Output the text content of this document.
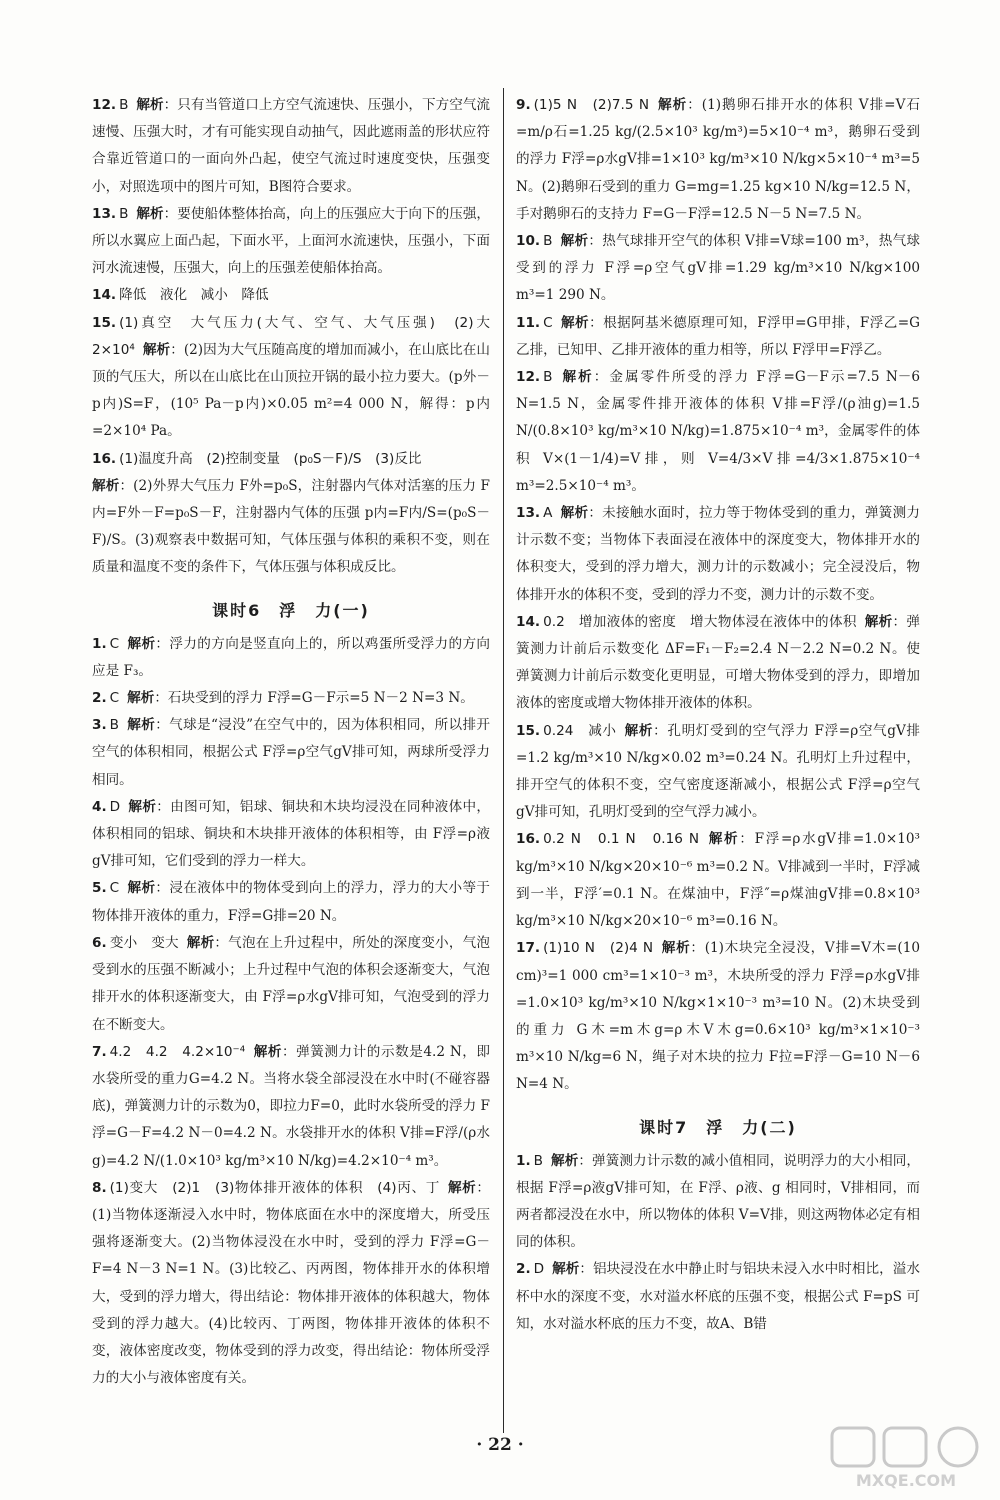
12. B 解析：只有当管道口上方空气流速快、压强小，下方空气流速慢、压强大时，才有可能实现自动抽气，因此遮雨盖的形状应符合靠近管道口的一面向外凸起，使空气流过时速度变快，压强变小，对照选项中的图片可知，B图符合要求。

13. B 解析：要使船体整体抬高，向上的压强应大于向下的压强，所以水翼应上面凸起，下面水平，上面河水流速快，压强小，下面河水流速慢，压强大，向上的压强差使船体抬高。

14. 降低　液化　减小　降低

15. (1)真空　大气压力(大气、空气、大气压强)　(2)大　2×10⁴ 解析：(2)因为大气压随高度的增加而减小，在山底比在山顶的气压大，所以在山底比在山顶拉开锅的最小拉力要大。(p外－p内)S=F，(10⁵ Pa－p内)×0.05 m²=4 000 N，解得：p内=2×10⁴ Pa。

16. (1)温度升高　(2)控制变量　(p₀S－F)/S　(3)反比

解析：(2)外界大气压力 F外=p₀S，注射器内气体对活塞的压力 F内=F外－F=p₀S－F，注射器内气体的压强 p内=F内/S=(p₀S－F)/S。(3)观察表中数据可知，气体压强与体积的乘积不变，则在质量和温度不变的条件下，气体压强与体积成反比。

课时6　浮　力(一)

1. C 解析：浮力的方向是竖直向上的，所以鸡蛋所受浮力的方向应是 F₃。

2. C 解析：石块受到的浮力 F浮=G－F示=5 N－2 N=3 N。

3. B 解析：气球是“浸没”在空气中的，因为体积相同，所以排开空气的体积相同，根据公式 F浮=ρ空气gV排可知，两球所受浮力相同。

4. D 解析：由图可知，铝球、铜块和木块均浸没在同种液体中，体积相同的铝球、铜块和木块排开液体的体积相等，由 F浮=ρ液gV排可知，它们受到的浮力一样大。

5. C 解析：浸在液体中的物体受到向上的浮力，浮力的大小等于物体排开液体的重力，F浮=G排=20 N。

6. 变小　变大 解析：气泡在上升过程中，所处的深度变小，气泡受到水的压强不断减小；上升过程中气泡的体积会逐渐变大，气泡排开水的体积逐渐变大，由 F浮=ρ水gV排可知，气泡受到的浮力在不断变大。

7. 4.2　4.2　4.2×10⁻⁴ 解析：弹簧测力计的示数是4.2 N，即水袋所受的重力G=4.2 N。当将水袋全部浸没在水中时(不碰容器底)，弹簧测力计的示数为0，即拉力F=0，此时水袋所受的浮力 F浮=G－F=4.2 N－0=4.2 N。水袋排开水的体积 V排=F浮/(ρ水g)=4.2 N/(1.0×10³ kg/m³×10 N/kg)=4.2×10⁻⁴ m³。

8. (1)变大　(2)1　(3)物体排开液体的体积　(4)丙、丁 解析：(1)当物体逐渐浸入水中时，物体底面在水中的深度增大，所受压强将逐渐变大。(2)当物体浸没在水中时，受到的浮力 F浮=G－F=4 N－3 N=1 N。(3)比较乙、丙两图，物体排开水的体积增大，受到的浮力增大，得出结论：物体排开液体的体积越大，物体受到的浮力越大。(4)比较丙、丁两图，物体排开液体的体积不变，液体密度改变，物体受到的浮力改变，得出结论：物体所受浮力的大小与液体密度有关。

9. (1)5 N　(2)7.5 N 解析：(1)鹅卵石排开水的体积 V排=V石=m/ρ石=1.25 kg/(2.5×10³ kg/m³)=5×10⁻⁴ m³，鹅卵石受到的浮力 F浮=ρ水gV排=1×10³ kg/m³×10 N/kg×5×10⁻⁴ m³=5 N。(2)鹅卵石受到的重力 G=mg=1.25 kg×10 N/kg=12.5 N，手对鹅卵石的支持力 F=G－F浮=12.5 N－5 N=7.5 N。

10. B 解析：热气球排开空气的体积 V排=V球=100 m³，热气球受到的浮力 F浮=ρ空气gV排=1.29 kg/m³×10 N/kg×100 m³=1 290 N。

11. C 解析：根据阿基米德原理可知，F浮甲=G甲排，F浮乙=G乙排，已知甲、乙排开液体的重力相等，所以 F浮甲=F浮乙。

12. B 解析：金属零件所受的浮力 F浮=G－F示=7.5 N－6 N=1.5 N，金属零件排开液体的体积 V排=F浮/(ρ油g)=1.5 N/(0.8×10³ kg/m³×10 N/kg)=1.875×10⁻⁴ m³，金属零件的体积 V×(1－1/4)=V排，则 V=4/3×V排=4/3×1.875×10⁻⁴ m³=2.5×10⁻⁴ m³。

13. A 解析：未接触水面时，拉力等于物体受到的重力，弹簧测力计示数不变；当物体下表面浸在液体中的深度变大，物体排开水的体积变大，受到的浮力增大，测力计的示数减小；完全浸没后，物体排开水的体积不变，受到的浮力不变，测力计的示数不变。

14. 0.2　增加液体的密度　增大物体浸在液体中的体积 解析：弹簧测力计前后示数变化 ΔF=F₁－F₂=2.4 N－2.2 N=0.2 N。使弹簧测力计前后示数变化更明显，可增大物体受到的浮力，即增加液体的密度或增大物体排开液体的体积。

15. 0.24　减小 解析：孔明灯受到的空气浮力 F浮=ρ空气gV排=1.2 kg/m³×10 N/kg×0.02 m³=0.24 N。孔明灯上升过程中，排开空气的体积不变，空气密度逐渐减小，根据公式 F浮=ρ空气gV排可知，孔明灯受到的空气浮力减小。

16. 0.2 N　0.1 N　0.16 N 解析：F浮=ρ水gV排=1.0×10³ kg/m³×10 N/kg×20×10⁻⁶ m³=0.2 N。V排减到一半时，F浮减到一半，F浮′=0.1 N。在煤油中，F浮″=ρ煤油gV排=0.8×10³ kg/m³×10 N/kg×20×10⁻⁶ m³=0.16 N。

17. (1)10 N　(2)4 N 解析：(1)木块完全浸没，V排=V木=(10 cm)³=1 000 cm³=1×10⁻³ m³，木块所受的浮力 F浮=ρ水gV排=1.0×10³ kg/m³×10 N/kg×1×10⁻³ m³=10 N。(2)木块受到的重力 G木=m木g=ρ木V木g=0.6×10³ kg/m³×1×10⁻³ m³×10 N/kg=6 N，绳子对木块的拉力 F拉=F浮－G=10 N－6 N=4 N。

课时7　浮　力(二)

1. B 解析：弹簧测力计示数的减小值相同，说明浮力的大小相同，根据 F浮=ρ液gV排可知，在 F浮、ρ液、g 相同时，V排相同，而两者都浸没在水中，所以物体的体积 V=V排，则这两物体必定有相同的体积。

2. D 解析：铝块浸没在水中静止时与铝块未浸入水中时相比，溢水杯中水的深度不变，水对溢水杯底的压强不变，根据公式 F=pS 可知，水对溢水杯底的压力不变，故A、B错

· 22 ·
MXQE.COM
